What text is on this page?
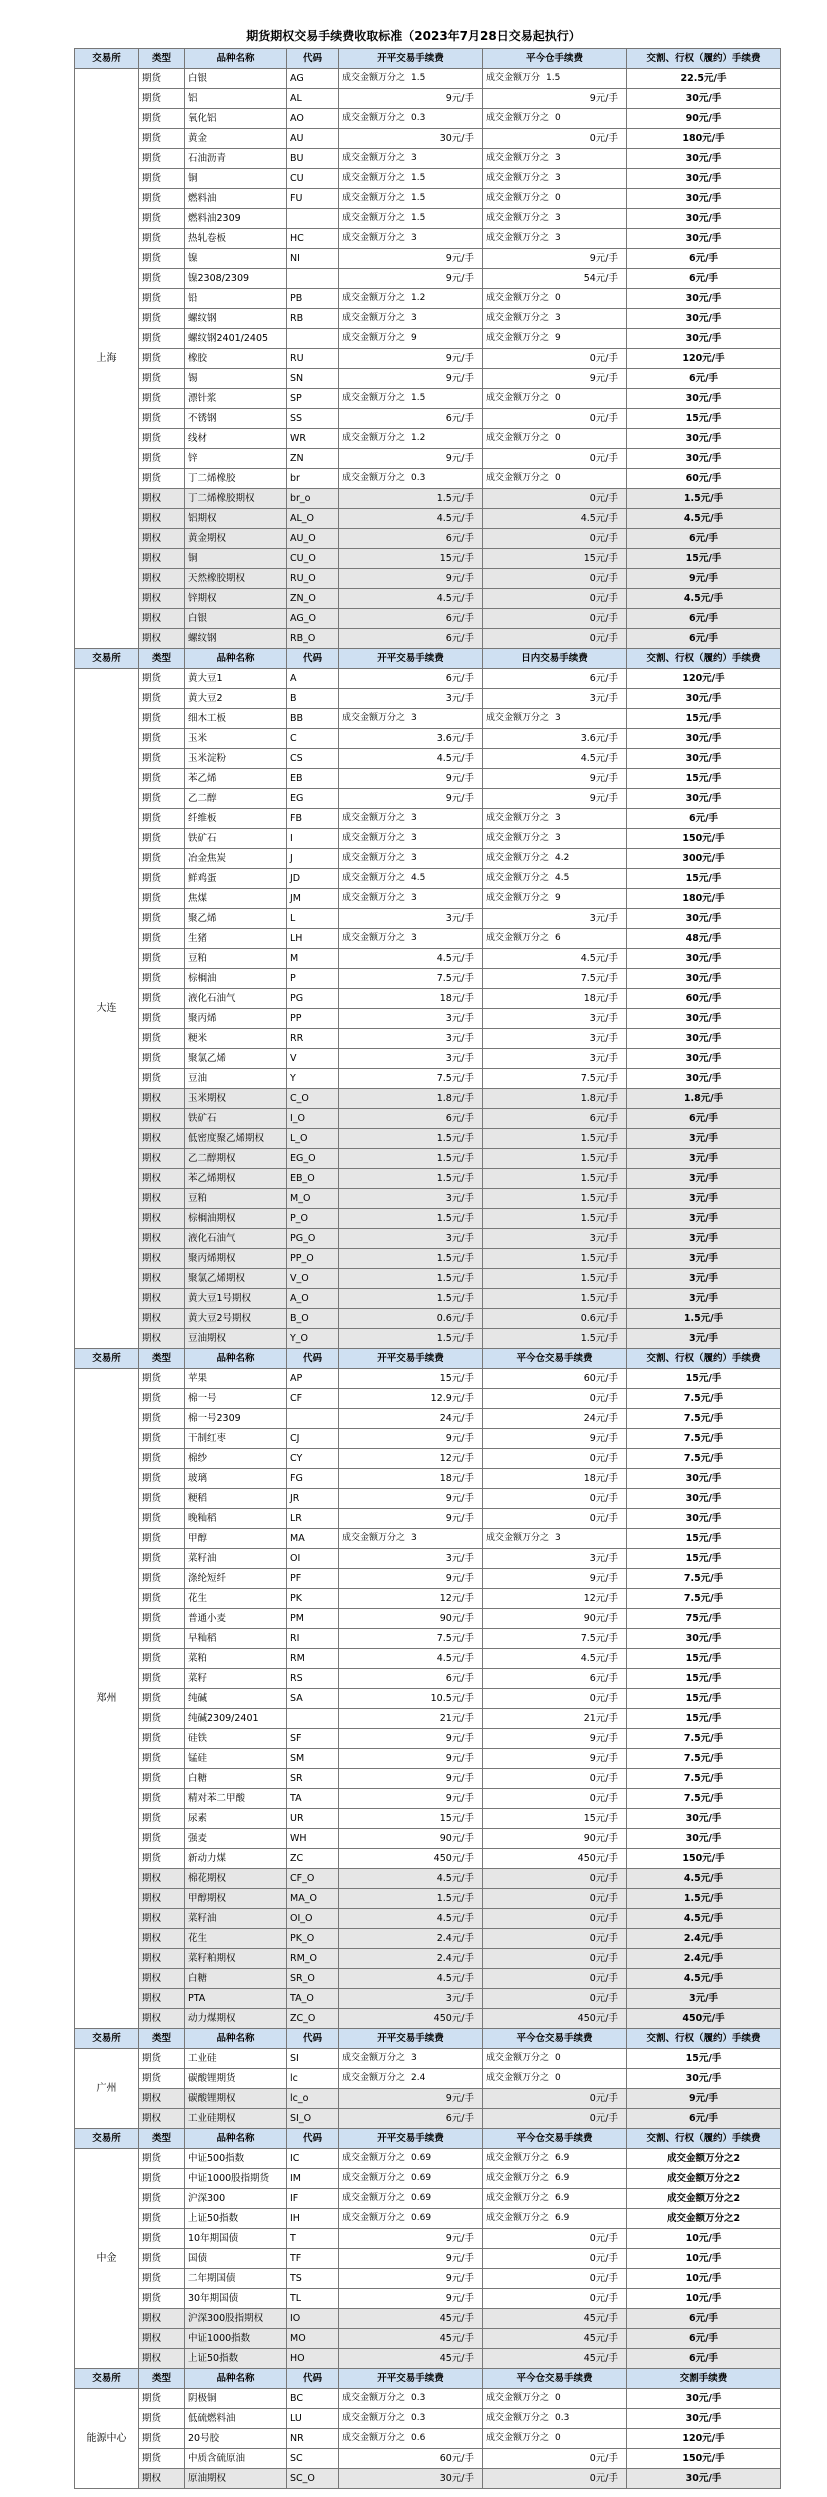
期货期权交易手续费收取标准（2023年7月28日交易起执行）
交易所	类型	品种名称	代码	开平交易手续费	平今仓手续费	交割、行权（履约）手续费
上海	期货	白银	AG	成交金额万分之 1.5	成交金额万分 1.5	22.5元/手
	期货	铝	AL	9元/手	9元/手	30元/手
	期货	氧化铝	AO	成交金额万分之 0.3	成交金额万分之 0	90元/手
	期货	黄金	AU	30元/手	0元/手	180元/手
	期货	石油沥青	BU	成交金额万分之 3	成交金额万分之 3	30元/手
	期货	铜	CU	成交金额万分之 1.5	成交金额万分之 3	30元/手
	期货	燃料油	FU	成交金额万分之 1.5	成交金额万分之 0	30元/手
	期货	燃料油2309		成交金额万分之 1.5	成交金额万分之 3	30元/手
	期货	热轧卷板	HC	成交金额万分之 3	成交金额万分之 3	30元/手
	期货	镍	NI	9元/手	9元/手	6元/手
	期货	镍2308/2309		9元/手	54元/手	6元/手
	期货	铅	PB	成交金额万分之 1.2	成交金额万分之 0	30元/手
	期货	螺纹钢	RB	成交金额万分之 3	成交金额万分之 3	30元/手
	期货	螺纹钢2401/2405		成交金额万分之 9	成交金额万分之 9	30元/手
	期货	橡胶	RU	9元/手	0元/手	120元/手
	期货	锡	SN	9元/手	9元/手	6元/手
	期货	漂针浆	SP	成交金额万分之 1.5	成交金额万分之 0	30元/手
	期货	不锈钢	SS	6元/手	0元/手	15元/手
	期货	线材	WR	成交金额万分之 1.2	成交金额万分之 0	30元/手
	期货	锌	ZN	9元/手	0元/手	30元/手
	期货	丁二烯橡胶	br	成交金额万分之 0.3	成交金额万分之 0	60元/手
	期权	丁二烯橡胶期权	br_o	1.5元/手	0元/手	1.5元/手
	期权	铝期权	AL_O	4.5元/手	4.5元/手	4.5元/手
	期权	黄金期权	AU_O	6元/手	0元/手	6元/手
	期权	铜	CU_O	15元/手	15元/手	15元/手
	期权	天然橡胶期权	RU_O	9元/手	0元/手	9元/手
	期权	锌期权	ZN_O	4.5元/手	0元/手	4.5元/手
	期权	白银	AG_O	6元/手	0元/手	6元/手
	期权	螺纹钢	RB_O	6元/手	0元/手	6元/手
交易所	类型	品种名称	代码	开平交易手续费	日内交易手续费	交割、行权（履约）手续费
大连	期货	黄大豆1	A	6元/手	6元/手	120元/手
	期货	黄大豆2	B	3元/手	3元/手	30元/手
	期货	细木工板	BB	成交金额万分之 3	成交金额万分之 3	15元/手
	期货	玉米	C	3.6元/手	3.6元/手	30元/手
	期货	玉米淀粉	CS	4.5元/手	4.5元/手	30元/手
	期货	苯乙烯	EB	9元/手	9元/手	15元/手
	期货	乙二醇	EG	9元/手	9元/手	30元/手
	期货	纤维板	FB	成交金额万分之 3	成交金额万分之 3	6元/手
	期货	铁矿石	I	成交金额万分之 3	成交金额万分之 3	150元/手
	期货	冶金焦炭	J	成交金额万分之 3	成交金额万分之 4.2	300元/手
	期货	鲜鸡蛋	JD	成交金额万分之 4.5	成交金额万分之 4.5	15元/手
	期货	焦煤	JM	成交金额万分之 3	成交金额万分之 9	180元/手
	期货	聚乙烯	L	3元/手	3元/手	30元/手
	期货	生猪	LH	成交金额万分之 3	成交金额万分之 6	48元/手
	期货	豆粕	M	4.5元/手	4.5元/手	30元/手
	期货	棕榈油	P	7.5元/手	7.5元/手	30元/手
	期货	液化石油气	PG	18元/手	18元/手	60元/手
	期货	聚丙烯	PP	3元/手	3元/手	30元/手
	期货	粳米	RR	3元/手	3元/手	30元/手
	期货	聚氯乙烯	V	3元/手	3元/手	30元/手
	期货	豆油	Y	7.5元/手	7.5元/手	30元/手
	期权	玉米期权	C_O	1.8元/手	1.8元/手	1.8元/手
	期权	铁矿石	I_O	6元/手	6元/手	6元/手
	期权	低密度聚乙烯期权	L_O	1.5元/手	1.5元/手	3元/手
	期权	乙二醇期权	EG_O	1.5元/手	1.5元/手	3元/手
	期权	苯乙烯期权	EB_O	1.5元/手	1.5元/手	3元/手
	期权	豆粕	M_O	3元/手	1.5元/手	3元/手
	期权	棕榈油期权	P_O	1.5元/手	1.5元/手	3元/手
	期权	液化石油气	PG_O	3元/手	3元/手	3元/手
	期权	聚丙烯期权	PP_O	1.5元/手	1.5元/手	3元/手
	期权	聚氯乙烯期权	V_O	1.5元/手	1.5元/手	3元/手
	期权	黄大豆1号期权	A_O	1.5元/手	1.5元/手	3元/手
	期权	黄大豆2号期权	B_O	0.6元/手	0.6元/手	1.5元/手
	期权	豆油期权	Y_O	1.5元/手	1.5元/手	3元/手
交易所	类型	品种名称	代码	开平交易手续费	平今仓交易手续费	交割、行权（履约）手续费
郑州	期货	苹果	AP	15元/手	60元/手	15元/手
	期货	棉一号	CF	12.9元/手	0元/手	7.5元/手
	期货	棉一号2309		24元/手	24元/手	7.5元/手
	期货	干制红枣	CJ	9元/手	9元/手	7.5元/手
	期货	棉纱	CY	12元/手	0元/手	7.5元/手
	期货	玻璃	FG	18元/手	18元/手	30元/手
	期货	粳稻	JR	9元/手	0元/手	30元/手
	期货	晚籼稻	LR	9元/手	0元/手	30元/手
	期货	甲醇	MA	成交金额万分之 3	成交金额万分之 3	15元/手
	期货	菜籽油	OI	3元/手	3元/手	15元/手
	期货	涤纶短纤	PF	9元/手	9元/手	7.5元/手
	期货	花生	PK	12元/手	12元/手	7.5元/手
	期货	普通小麦	PM	90元/手	90元/手	75元/手
	期货	早籼稻	RI	7.5元/手	7.5元/手	30元/手
	期货	菜粕	RM	4.5元/手	4.5元/手	15元/手
	期货	菜籽	RS	6元/手	6元/手	15元/手
	期货	纯碱	SA	10.5元/手	0元/手	15元/手
	期货	纯碱2309/2401		21元/手	21元/手	15元/手
	期货	硅铁	SF	9元/手	9元/手	7.5元/手
	期货	锰硅	SM	9元/手	9元/手	7.5元/手
	期货	白糖	SR	9元/手	0元/手	7.5元/手
	期货	精对苯二甲酸	TA	9元/手	0元/手	7.5元/手
	期货	尿素	UR	15元/手	15元/手	30元/手
	期货	强麦	WH	90元/手	90元/手	30元/手
	期货	新动力煤	ZC	450元/手	450元/手	150元/手
	期权	棉花期权	CF_O	4.5元/手	0元/手	4.5元/手
	期权	甲醇期权	MA_O	1.5元/手	0元/手	1.5元/手
	期权	菜籽油	OI_O	4.5元/手	0元/手	4.5元/手
	期权	花生	PK_O	2.4元/手	0元/手	2.4元/手
	期权	菜籽粕期权	RM_O	2.4元/手	0元/手	2.4元/手
	期权	白糖	SR_O	4.5元/手	0元/手	4.5元/手
	期权	PTA	TA_O	3元/手	0元/手	3元/手
	期权	动力煤期权	ZC_O	450元/手	450元/手	450元/手
交易所	类型	品种名称	代码	开平交易手续费	平今仓交易手续费	交割、行权（履约）手续费
广州	期货	工业硅	SI	成交金额万分之 3	成交金额万分之 0	15元/手
	期货	碳酸锂期货	lc	成交金额万分之 2.4	成交金额万分之 0	30元/手
	期权	碳酸锂期权	lc_o	9元/手	0元/手	9元/手
	期权	工业硅期权	SI_O	6元/手	0元/手	6元/手
交易所	类型	品种名称	代码	开平交易手续费	平今仓交易手续费	交割、行权（履约）手续费
中金	期货	中证500指数	IC	成交金额万分之 0.69	成交金额万分之 6.9	成交金额万分之2
	期货	中证1000股指期货	IM	成交金额万分之 0.69	成交金额万分之 6.9	成交金额万分之2
	期货	沪深300	IF	成交金额万分之 0.69	成交金额万分之 6.9	成交金额万分之2
	期货	上证50指数	IH	成交金额万分之 0.69	成交金额万分之 6.9	成交金额万分之2
	期货	10年期国债	T	9元/手	0元/手	10元/手
	期货	国债	TF	9元/手	0元/手	10元/手
	期货	二年期国债	TS	9元/手	0元/手	10元/手
	期货	30年期国债	TL	9元/手	0元/手	10元/手
	期权	沪深300股指期权	IO	45元/手	45元/手	6元/手
	期权	中证1000指数	MO	45元/手	45元/手	6元/手
	期权	上证50指数	HO	45元/手	45元/手	6元/手
交易所	类型	品种名称	代码	开平交易手续费	平今仓交易手续费	交割手续费
能源中心	期货	阴极铜	BC	成交金额万分之 0.3	成交金额万分之 0	30元/手
	期货	低硫燃料油	LU	成交金额万分之 0.3	成交金额万分之 0.3	30元/手
	期货	20号胶	NR	成交金额万分之 0.6	成交金额万分之 0	120元/手
	期货	中质含硫原油	SC	60元/手	0元/手	150元/手
	期权	原油期权	SC_O	30元/手	0元/手	30元/手
